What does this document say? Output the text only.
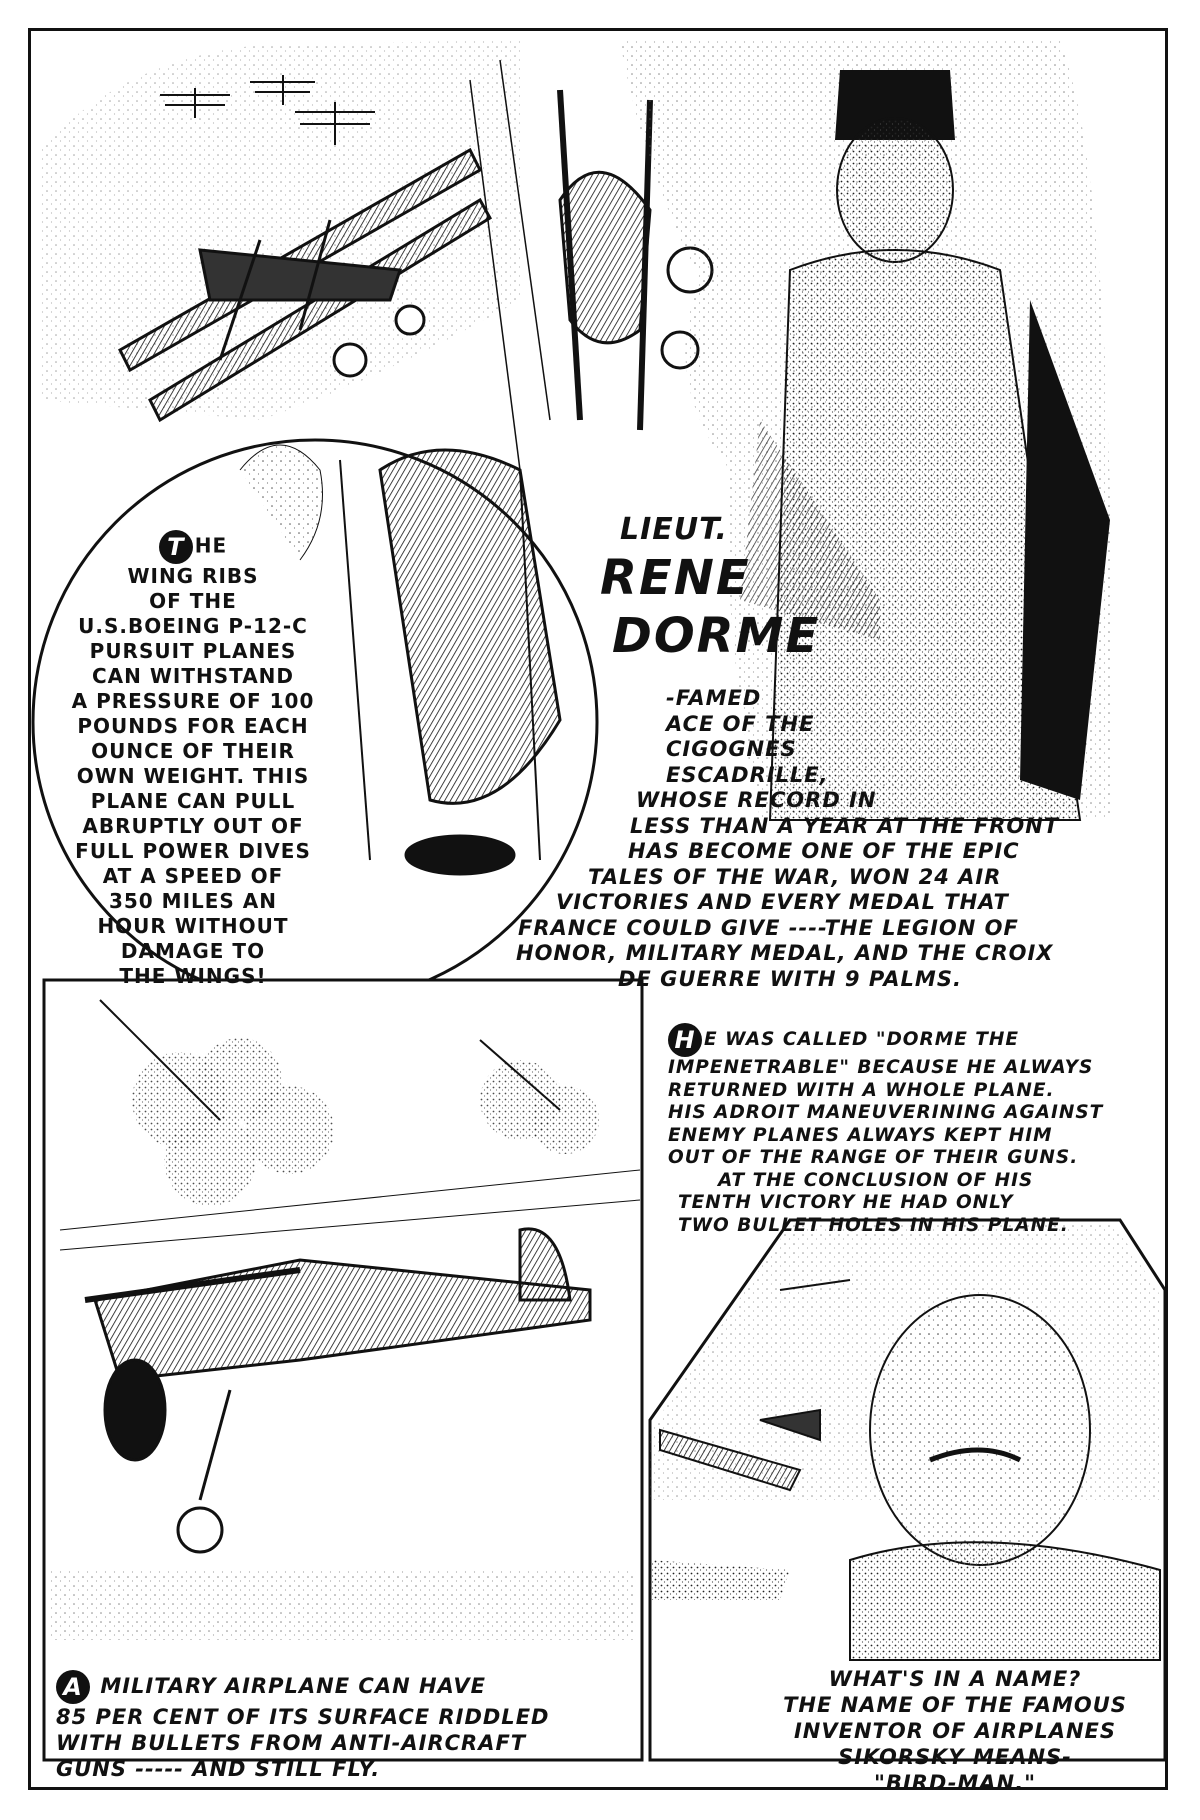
T HE
WING RIBS
OF THE
U.S.BOEING P-12-C
PURSUIT PLANES
CAN WITHSTAND
A PRESSURE OF 100
POUNDS FOR EACH
OUNCE OF THEIR
OWN WEIGHT. THIS
PLANE CAN PULL
ABRUPTLY OUT OF
FULL POWER DIVES
AT A SPEED OF
350 MILES AN
HOUR WITHOUT
DAMAGE TO
THE WINGS!
LIEUT.
RENE
DORME
-FAMED
ACE OF THE
CIGOGNES
ESCADRILLE,
WHOSE RECORD IN
LESS THAN A YEAR AT THE FRONT
HAS BECOME ONE OF THE EPIC
TALES OF THE WAR, WON 24 AIR
VICTORIES AND EVERY MEDAL THAT
FRANCE COULD GIVE ----THE LEGION OF
HONOR, MILITARY MEDAL, AND THE CROIX
DE GUERRE WITH 9 PALMS.
H E WAS CALLED "DORME THE
IMPENETRABLE" BECAUSE HE ALWAYS
RETURNED WITH A WHOLE PLANE.
HIS ADROIT MANEUVERINING AGAINST
ENEMY PLANES ALWAYS KEPT HIM
OUT OF THE RANGE OF THEIR GUNS.
AT THE CONCLUSION OF HIS
TENTH VICTORY HE HAD ONLY
TWO BULLET HOLES IN HIS PLANE.
A MILITARY AIRPLANE CAN HAVE
85 PER CENT OF ITS SURFACE RIDDLED
WITH BULLETS FROM ANTI-AIRCRAFT
GUNS ----- AND STILL FLY.
WHAT'S IN A NAME?
THE NAME OF THE FAMOUS
INVENTOR OF AIRPLANES
SIKORSKY MEANS-
"BIRD-MAN."
